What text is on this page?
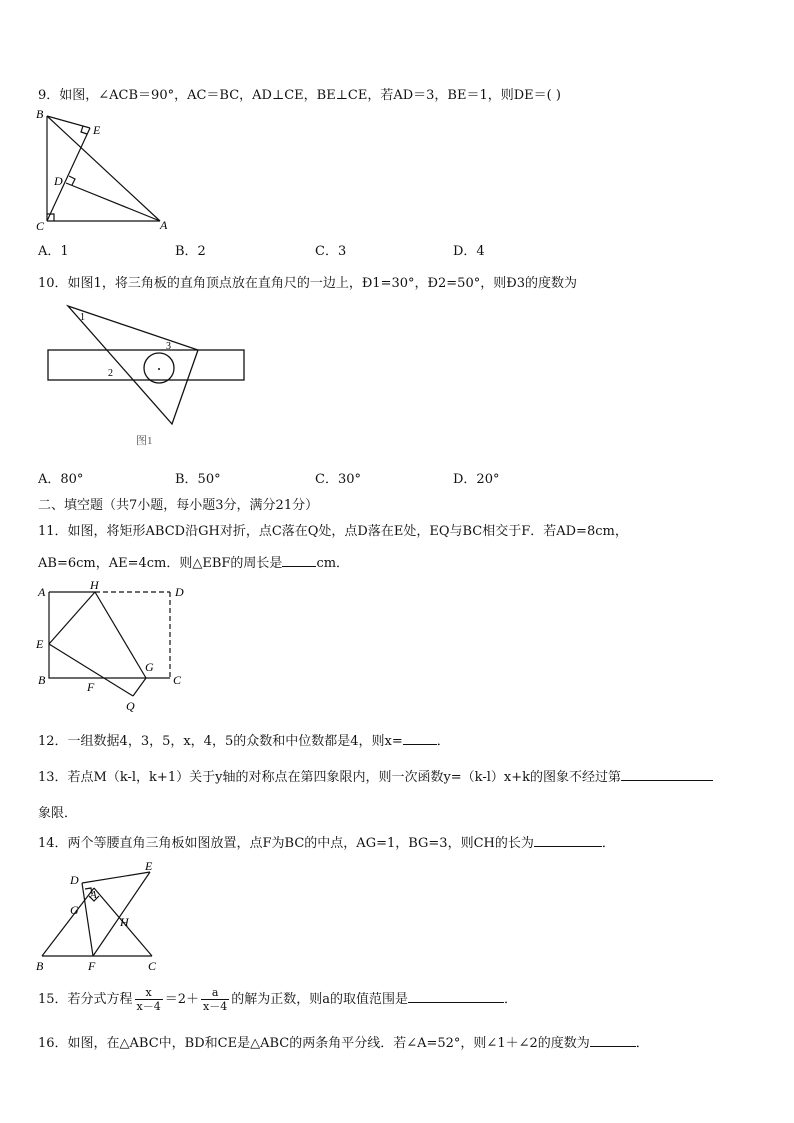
9．如图，∠ACB＝90°，AC＝BC，AD⊥CE，BE⊥CE，若AD＝3，BE＝1，则DE＝( )
B
E
D
C	A
A．1	B．2	C．3	D．4
10．如图1，将三角板的直角顶点放在直角尺的一边上，Ð1=30°，Ð2=50°，则Ð3的度数为
1
2
3
图1
A．80°	B．50°	C．30°	D．20°
二、填空题（共7小题，每小题3分，满分21分）
11．如图，将矩形ABCD沿GH对折，点C落在Q处，点D落在E处，EQ与BC相交于F．若AD=8cm，
AB=6cm，AE=4cm．则△EBF的周长是	cm．
A	H	D
E
G
B	F	C
Q
12．一组数据4，3，5，x，4，5的众数和中位数都是4，则x=	．
13．若点M（k-l，k+1）关于y轴的对称点在第四象限内，则一次函数y=（k-l）x+k的图象不经过第
象限．
14．两个等腰直角三角板如图放置，点F为BC的中点，AG=1，BG=3，则CH的长为	．
D
E
A
G
H
B	F	C
15．若分式方程 $\frac{x}{x-4} =2+ \frac{a}{x-4}$ 的解为正数，则a的取值范围是	．
16．如图，在△ABC中，BD和CE是△ABC的两条角平分线．若∠A=52°，则∠1＋∠2的度数为	．
